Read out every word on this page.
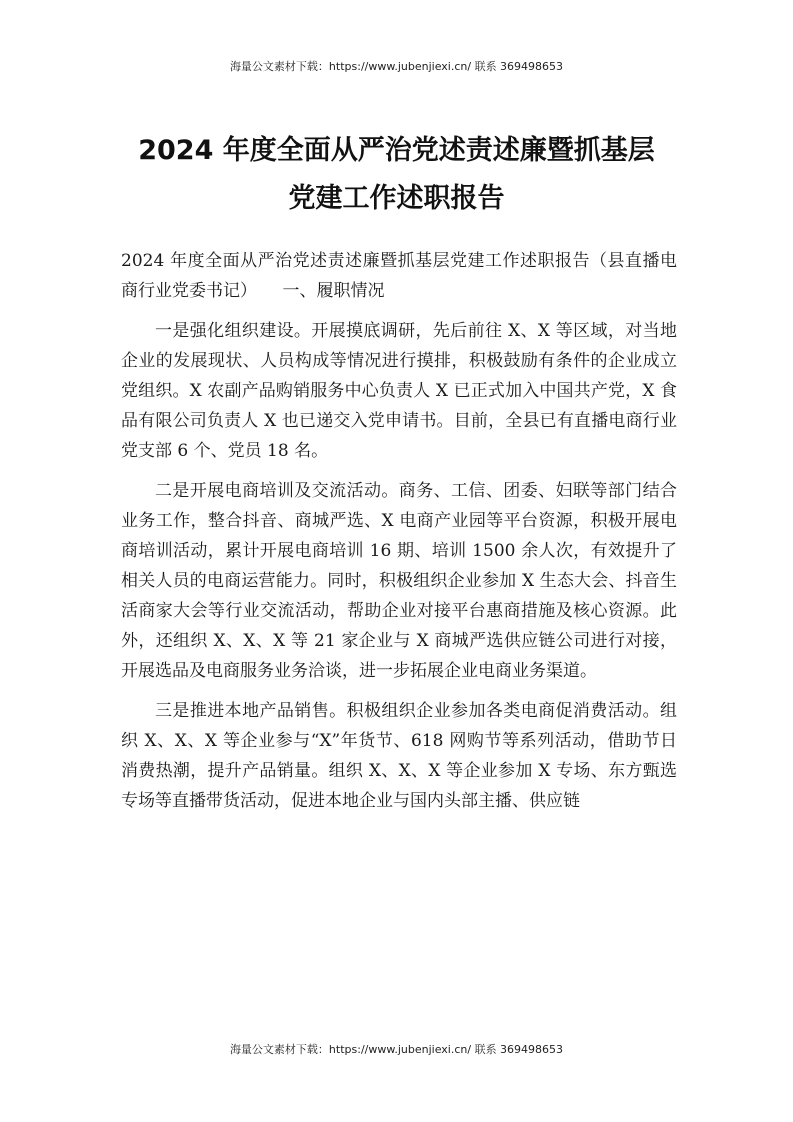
海量公文素材下载：https://www.jubenjiexi.cn/ 联系 369498653
2024 年度全面从严治党述责述廉暨抓基层
党建工作述职报告

2024 年度全面从严治党述责述廉暨抓基层党建工作述职报告（县直播电商行业党委书记）　　一、履职情况

一是强化组织建设。开展摸底调研，先后前往 X、X 等区域，对当地企业的发展现状、人员构成等情况进行摸排，积极鼓励有条件的企业成立党组织。X 农副产品购销服务中心负责人 X 已正式加入中国共产党，X 食品有限公司负责人 X 也已递交入党申请书。目前，全县已有直播电商行业党支部 6 个、党员 18 名。

二是开展电商培训及交流活动。商务、工信、团委、妇联等部门结合业务工作，整合抖音、商城严选、X 电商产业园等平台资源，积极开展电商培训活动，累计开展电商培训 16 期、培训 1500 余人次，有效提升了相关人员的电商运营能力。同时，积极组织企业参加 X 生态大会、抖音生活商家大会等行业交流活动，帮助企业对接平台惠商措施及核心资源。此外，还组织 X、X、X 等 21 家企业与 X 商城严选供应链公司进行对接，开展选品及电商服务业务洽谈，进一步拓展企业电商业务渠道。

三是推进本地产品销售。积极组织企业参加各类电商促消费活动。组织 X、X、X 等企业参与“X”年货节、618 网购节等系列活动，借助节日消费热潮，提升产品销量。组织 X、X、X 等企业参加 X 专场、东方甄选专场等直播带货活动，促进本地企业与国内头部主播、供应链

海量公文素材下载：https://www.jubenjiexi.cn/ 联系 369498653
